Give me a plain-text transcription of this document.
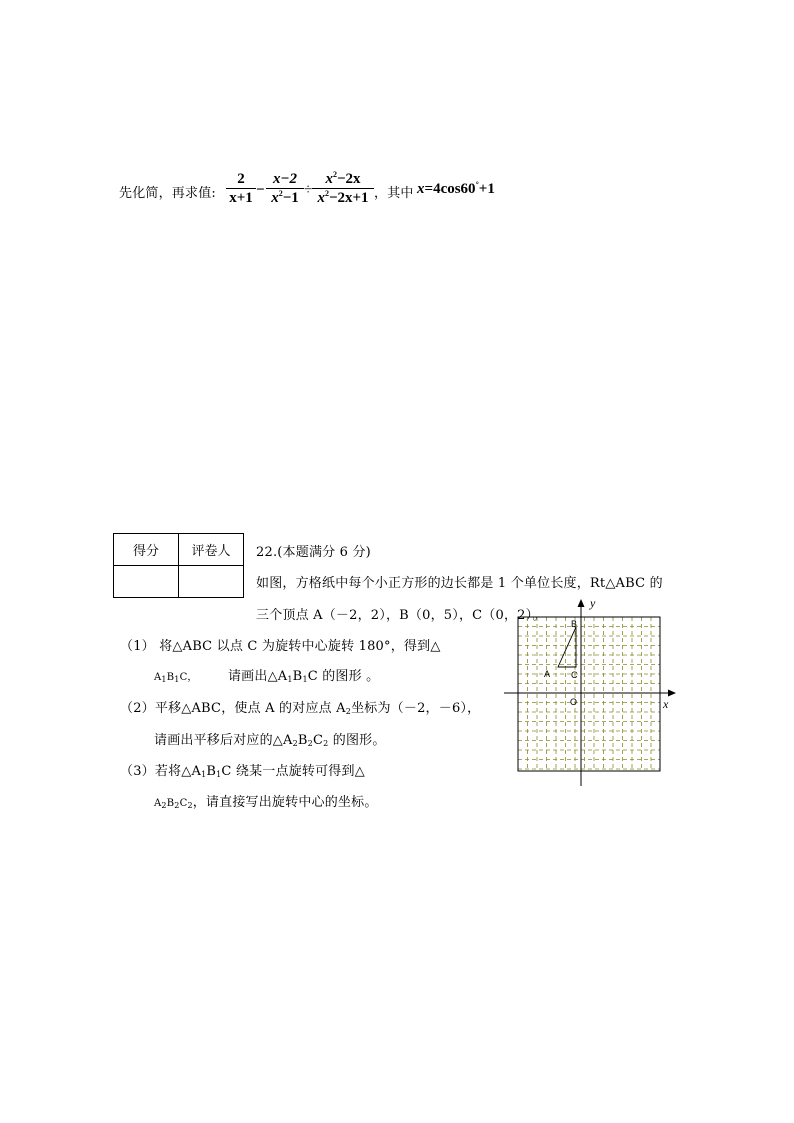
先化简，再求值:
2
x+1 −
x−2
$x^2-1$ ÷
$x^2-2x$
$x^2-2x+1$ ，其中 x=4cos60°+1
得分	评卷人
	22.(本题满分 6 分)
如图，方格纸中每个小正方形的边长都是 1 个单位长度，Rt△ABC 的
三个顶点 A（－2，2），B（0，5），C（0，2）。
（1） 将△ABC 以点 C 为旋转中心旋转 180°，得到△
$A_1B_1C$， 请画出$\triangle A_1B_1C$ 的图形 。
（2）平移△ABC，使点 A 的对应点 $A_2$坐标为（－2，－6），
请画出平移后对应的$\triangle A_2B_2C_2$ 的图形。
（3）若将$\triangle A_1B_1C$ 绕某一点旋转可得到△
$A_2B_2C_2$，请直接写出旋转中心的坐标。
y
x
O
A
B
C
